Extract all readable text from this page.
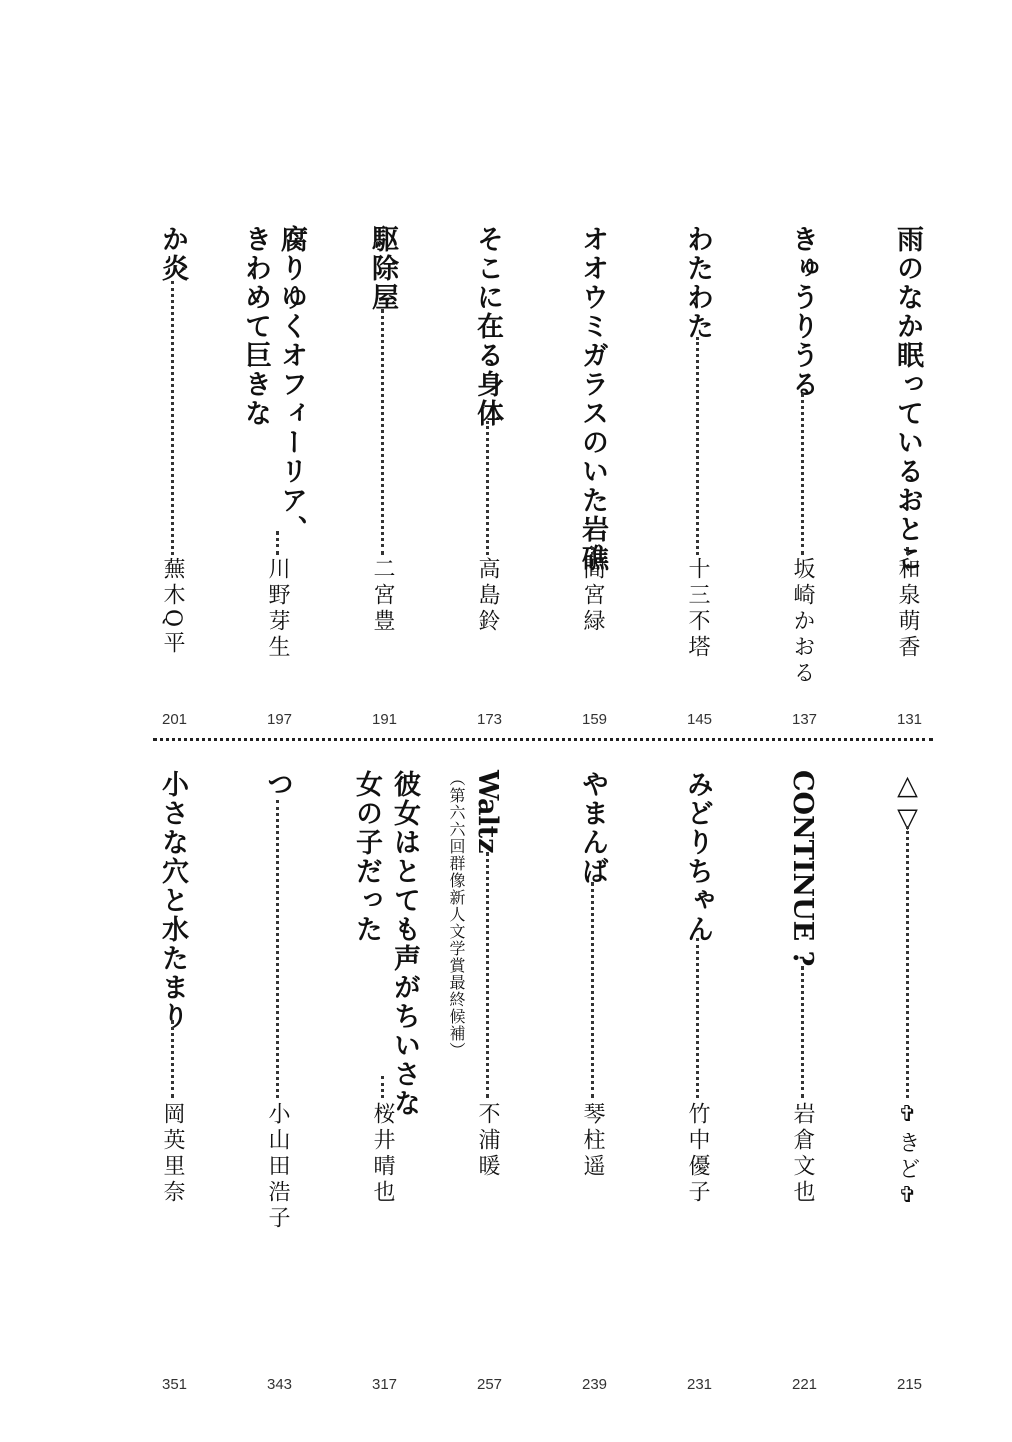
雨のなか眠っているおとこ
和泉萌香
131
きゅうりうる
坂崎かおる
137
わたわた
十三不塔
145
オオウミガラスのいた岩礁
間宮緑
159
そこに在る身体
高島鈴
173
駆除屋
二宮豊
191
腐りゆくオフィーリア、
きわめて巨きな
川野芽生
197
か炎
蕪木Q平
201
△▽
✞きど✞
215
CONTINUE ?
岩倉文也
221
みどりちゃん
竹中優子
231
やまんば
琴柱遥
239
Waltz
（第六六回群像新人文学賞最終候補）
不浦暖
257
彼女はとても声がちいさな
女の子だった
桜井晴也
317
つ
小山田浩子
343
小さな穴と水たまり
岡英里奈
351
